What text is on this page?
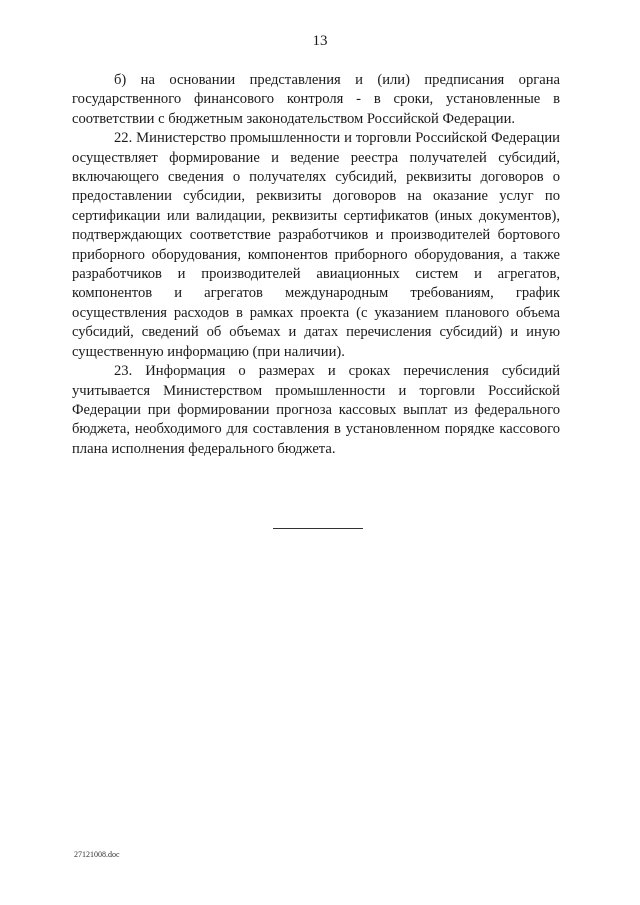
13

б) на основании представления и (или) предписания органа государственного финансового контроля - в сроки, установленные в соответствии с бюджетным законодательством Российской Федерации.

22. Министерство промышленности и торговли Российской Федерации осуществляет формирование и ведение реестра получателей субсидий, включающего сведения о получателях субсидий, реквизиты договоров о предоставлении субсидии, реквизиты договоров на оказание услуг по сертификации или валидации, реквизиты сертификатов (иных документов), подтверждающих соответствие разработчиков и производителей бортового приборного оборудования, компонентов приборного оборудования, а также разработчиков и производителей авиационных систем и агрегатов, компонентов и агрегатов международным требованиям, график осуществления расходов в рамках проекта (с указанием планового объема субсидий, сведений об объемах и датах перечисления субсидий) и иную существенную информацию (при наличии).

23. Информация о размерах и сроках перечисления субсидий учитывается Министерством промышленности и торговли Российской Федерации при формировании прогноза кассовых выплат из федерального бюджета, необходимого для составления в установленном порядке кассового плана исполнения федерального бюджета.

27121008.doc
